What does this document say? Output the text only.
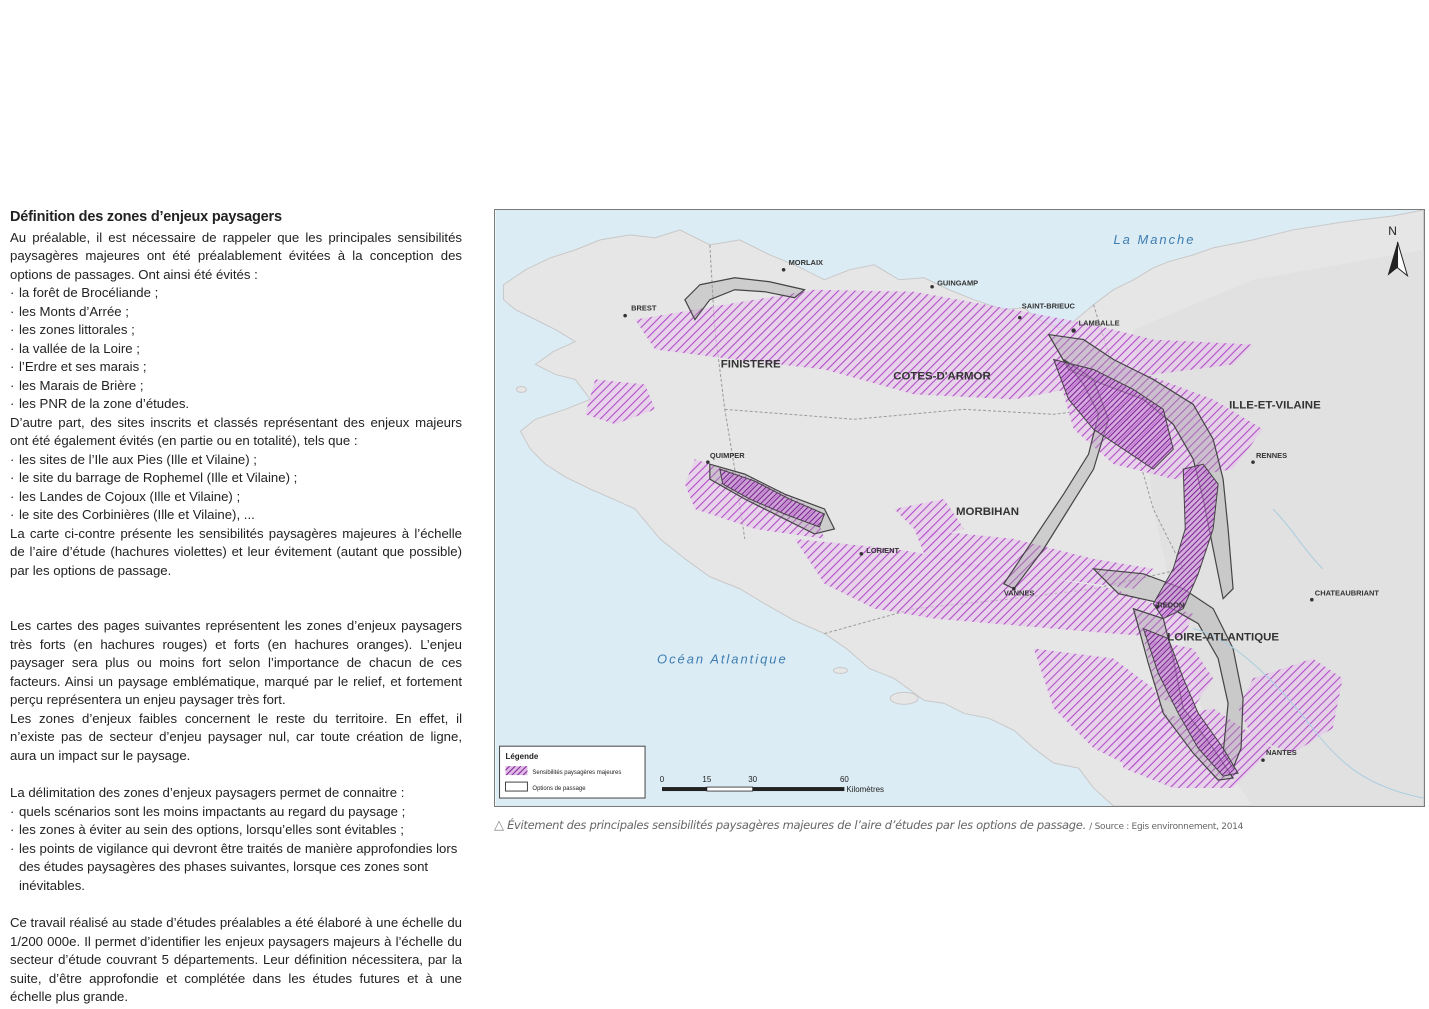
Définition des zones d’enjeux paysagers

Au préalable, il est nécessaire de rappeler que les principales sensibilités paysagères majeures ont été préalablement évitées à la conception des options de passages. Ont ainsi été évités :

· la forêt de Brocéliande ;
· les Monts d’Arrée ;
· les zones littorales ;
· la vallée de la Loire ;
· l’Erdre et ses marais ;
· les Marais de Brière ;
· les PNR de la zone d’études.

D’autre part, des sites inscrits et classés représentant des enjeux majeurs ont été également évités (en partie ou en totalité), tels que :

· les sites de l’Ile aux Pies (Ille et Vilaine) ;
· le site du barrage de Rophemel (Ille et Vilaine) ;
· les Landes de Cojoux (Ille et Vilaine) ;
· le site des Corbinières (Ille et Vilaine), ...

La carte ci-contre présente les sensibilités paysagères majeures à l’échelle de l’aire d’étude (hachures violettes) et leur évitement (autant que possible) par les options de passage.

Les cartes des pages suivantes représentent les zones d’enjeux paysagers très forts (en hachures rouges) et forts (en hachures oranges). L’enjeu paysager sera plus ou moins fort selon l’importance de chacun de ces facteurs. Ainsi un paysage emblématique, marqué par le relief, et fortement perçu représentera un enjeu paysager très fort.

Les zones d’enjeux faibles concernent le reste du territoire. En effet, il n’existe pas de secteur d’enjeu paysager nul, car toute création de ligne, aura un impact sur le paysage.

La délimitation des zones d’enjeux paysagers permet de connaitre :

· quels scénarios sont les moins impactants au regard du paysage ;
· les zones à éviter au sein des options, lorsqu’elles sont évitables ;
· les points de vigilance qui devront être traités de manière approfondies lors des études paysagères des phases suivantes, lorsque ces zones sont inévitables.

Ce travail réalisé au stade d’études préalables a été élaboré à une échelle du 1/200 000e. Il permet d’identifier les enjeux paysagers majeurs à l’échelle du secteur d’étude couvrant 5 départements. Leur définition nécessitera, par la suite, d’être approfondie et complétée dans les études futures et à une échelle plus grande.

La Manche
Océan Atlantique
FINISTERE
COTES-D'ARMOR
ILLE-ET-VILAINE
MORBIHAN
LOIRE-ATLANTIQUE
MORLAIX
GUINGAMP
BREST	SAINT-BRIEUC
LAMBALLE
QUIMPER	RENNES
LORIENT
VANNES
REDON
CHATEAUBRIANT
NANTES
N
Légende
Sensibilités paysagères majeures
Options de passage
0	15	30	60
Kilomètres
△ Évitement des principales sensibilités paysagères majeures de l’aire d’études par les options de passage. / Source : Egis environnement, 2014
